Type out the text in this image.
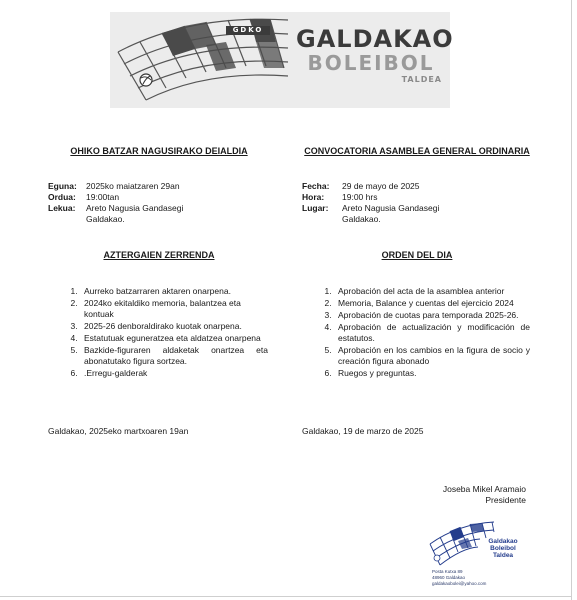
GDKO GALDAKAO
BOLEIBOL
TALDEA
OHIKO BATZAR NAGUSIRAKO DEIALDIA
Eguna: 2025ko maiatzaren 29an
Ordua: 19:00tan
Lekua: Areto Nagusia Gandasegi
Galdakao.
AZTERGAIEN ZERRENDA
1. Aurreko batzarraren aktaren onarpena.
2. 2024ko ekitaldiko memoria, balantzea eta kontuak
3. 2025-26 denboraldirako kuotak onarpena.
4. Estatutuak eguneratzea eta aldatzea onarpena
5. Bazkide-figuraren aldaketak onartzea eta abonatutako figura sortzea.
6. .Erregu-galderak
Galdakao, 2025eko martxoaren 19an
CONVOCATORIA ASAMBLEA GENERAL ORDINARIA
Fecha: 29 de mayo de 2025
Hora: 19:00 hrs
Lugar: Areto Nagusia Gandasegi
Galdakao.
ORDEN DEL DIA
1. Aprobación del acta de la asamblea anterior
2. Memoria, Balance y cuentas del ejercicio 2024
3. Aprobación de cuotas para temporada 2025-26.
4. Aprobación de actualización y modificación de estatutos.
5. Aprobación en los cambios en la figura de socio y creación figura abonado
6. Ruegos y preguntas.
Galdakao, 19 de marzo de 2025
Joseba Mikel Aramaio
Presidente
Galdakao
Boleibol
Taldea
Posta Kutxa 89
48960 Galdakao
galdakaobolei@yahoo.com
